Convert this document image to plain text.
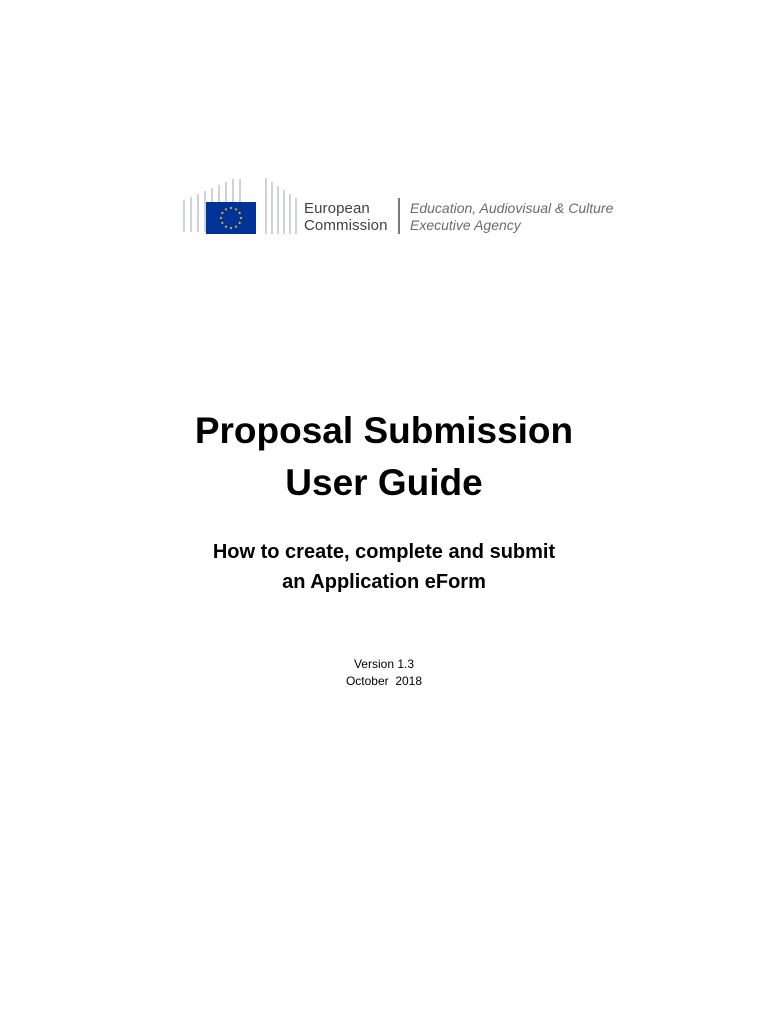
European
Commission
Education, Audiovisual & Culture
Executive Agency
Proposal Submission
User Guide
How to create, complete and submit
an Application eForm
Version 1.3
October  2018
